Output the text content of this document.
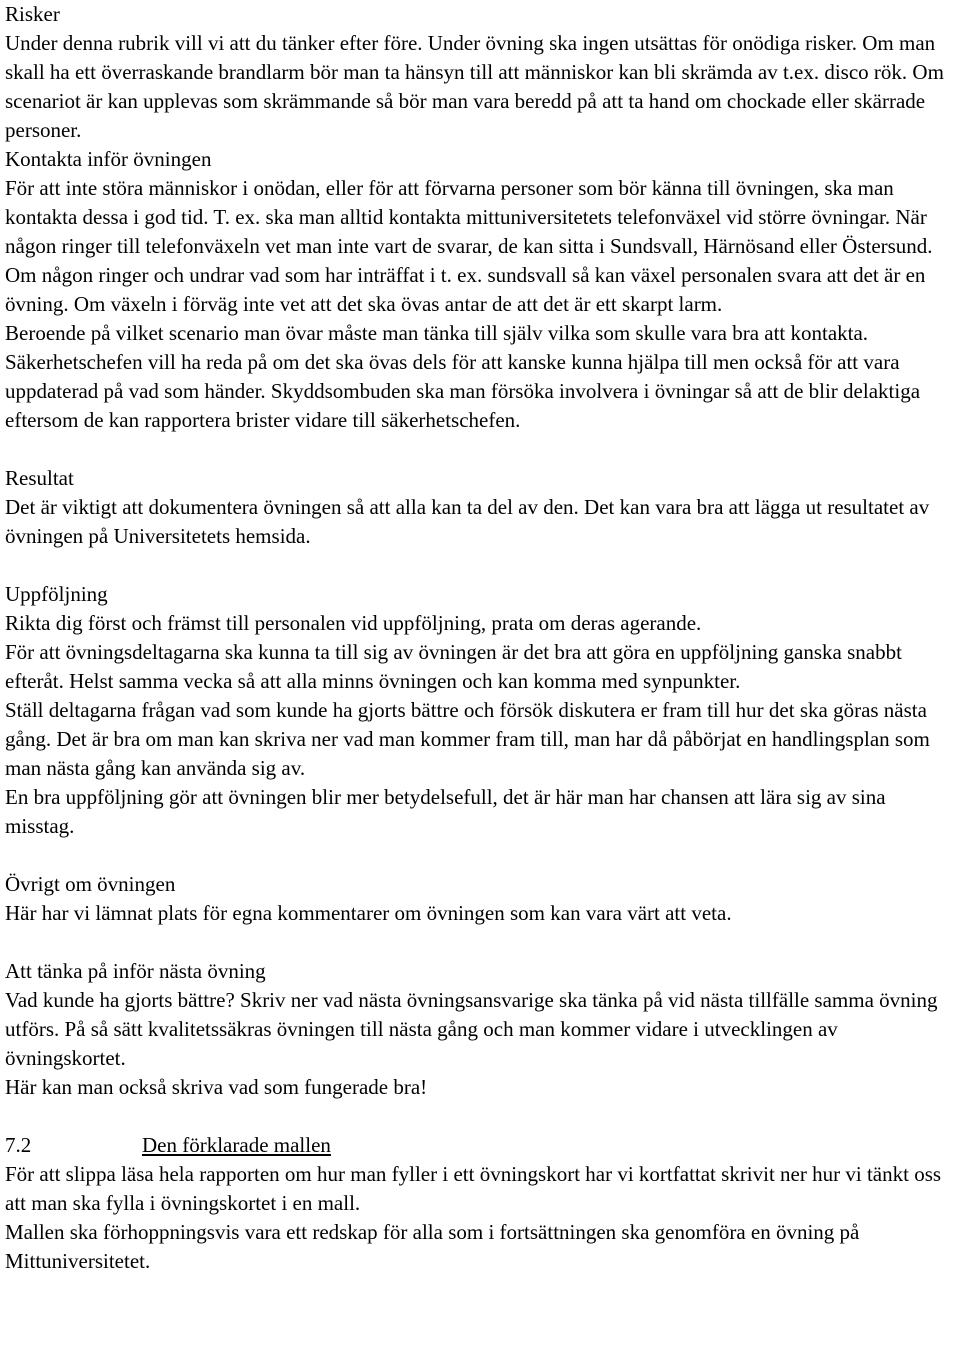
Risker

Under denna rubrik vill vi att du tänker efter före. Under övning ska ingen utsättas för onödiga risker. Om man skall ha ett överraskande brandlarm bör man ta hänsyn till att människor kan bli skrämda av t.ex. disco rök. Om scenariot är kan upplevas som skrämmande så bör man vara beredd på att ta hand om chockade eller skärrade personer.

Kontakta inför övningen

För att inte störa människor i onödan, eller för att förvarna personer som bör känna till övningen, ska man kontakta dessa i god tid. T. ex. ska man alltid kontakta mittuniversitetets telefonväxel vid större övningar. När någon ringer till telefonväxeln vet man inte vart de svarar, de kan sitta i Sundsvall, Härnösand eller Östersund. Om någon ringer och undrar vad som har inträffat i t. ex. sundsvall så kan växel personalen svara att det är en övning. Om växeln i förväg inte vet att det ska övas antar de att det är ett skarpt larm.

Beroende på vilket scenario man övar måste man tänka till själv vilka som skulle vara bra att kontakta. Säkerhetschefen vill ha reda på om det ska övas dels för att kanske kunna hjälpa till men också för att vara uppdaterad på vad som händer. Skyddsombuden ska man försöka involvera i övningar så att de blir delaktiga eftersom de kan rapportera brister vidare till säkerhetschefen.

Resultat

Det är viktigt att dokumentera övningen så att alla kan ta del av den. Det kan vara bra att lägga ut resultatet av övningen på Universitetets hemsida.

Uppföljning

Rikta dig först och främst till personalen vid uppföljning, prata om deras agerande.

För att övningsdeltagarna ska kunna ta till sig av övningen är det bra att göra en uppföljning ganska snabbt efteråt. Helst samma vecka så att alla minns övningen och kan komma med synpunkter.

Ställ deltagarna frågan vad som kunde ha gjorts bättre och försök diskutera er fram till hur det ska göras nästa gång. Det är bra om man kan skriva ner vad man kommer fram till, man har då påbörjat en handlingsplan som man nästa gång kan använda sig av.

En bra uppföljning gör att övningen blir mer betydelsefull, det är här man har chansen att lära sig av sina misstag.

Övrigt om övningen

Här har vi lämnat plats för egna kommentarer om övningen som kan vara värt att veta.

Att tänka på inför nästa övning

Vad kunde ha gjorts bättre? Skriv ner vad nästa övningsansvarige ska tänka på vid nästa tillfälle samma övning utförs. På så sätt kvalitetssäkras övningen till nästa gång och man kommer vidare i utvecklingen av övningskortet.

Här kan man också skriva vad som fungerade bra!

7.2	Den förklarade mallen

För att slippa läsa hela rapporten om hur man fyller i ett övningskort har vi kortfattat skrivit ner hur vi tänkt oss att man ska fylla i övningskortet i en mall.

Mallen ska förhoppningsvis vara ett redskap för alla som i fortsättningen ska genomföra en övning på Mittuniversitetet.
